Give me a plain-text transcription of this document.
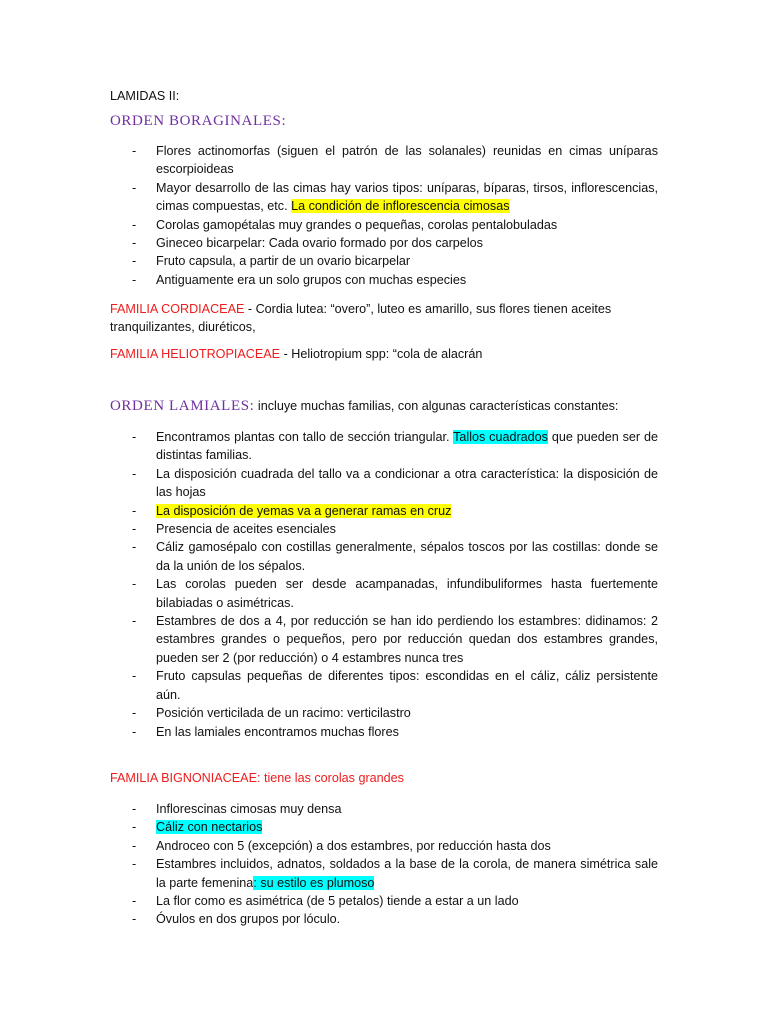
LAMIDAS II:
ORDEN BORAGINALES:
- Flores actinomorfas (siguen el patrón de las solanales) reunidas en cimas uníparas escorpioideas
- Mayor desarrollo de las cimas hay varios tipos: uníparas, bíparas, tirsos, inflorescencias, cimas compuestas, etc. La condición de inflorescencia cimosas
- Corolas gamopétalas muy grandes o pequeñas, corolas pentalobuladas
- Gineceo bicarpelar: Cada ovario formado por dos carpelos
- Fruto capsula, a partir de un ovario bicarpelar
- Antiguamente era un solo grupos con muchas especies
FAMILIA CORDIACEAE - Cordia lutea: “overo”, luteo es amarillo, sus flores tienen aceites tranquilizantes, diuréticos,
FAMILIA HELIOTROPIACEAE - Heliotropium spp: “cola de alacrán
ORDEN LAMIALES: incluye muchas familias, con algunas características constantes:
- Encontramos plantas con tallo de sección triangular. Tallos cuadrados que pueden ser de distintas familias.
- La disposición cuadrada del tallo va a condicionar a otra característica: la disposición de las hojas
- La disposición de yemas va a generar ramas en cruz
- Presencia de aceites esenciales
- Cáliz gamosépalo con costillas generalmente, sépalos toscos por las costillas: donde se da la unión de los sépalos.
- Las corolas pueden ser desde acampanadas, infundibuliformes hasta fuertemente bilabiadas o asimétricas.
- Estambres de dos a 4, por reducción se han ido perdiendo los estambres: didinamos: 2 estambres grandes o pequeños, pero por reducción quedan dos estambres grandes, pueden ser 2 (por reducción) o 4 estambres nunca tres
- Fruto capsulas pequeñas de diferentes tipos: escondidas en el cáliz, cáliz persistente aún.
- Posición verticilada de un racimo: verticilastro
- En las lamiales encontramos muchas flores
FAMILIA BIGNONIACEAE: tiene las corolas grandes
- Inflorescinas cimosas muy densa
- Cáliz con nectarios
- Androceo con 5 (excepción) a dos estambres, por reducción hasta dos
- Estambres incluidos, adnatos, soldados a la base de la corola, de manera simétrica sale la parte femenina: su estilo es plumoso
- La flor como es asimétrica (de 5 petalos) tiende a estar a un lado
- Óvulos en dos grupos por lóculo.
